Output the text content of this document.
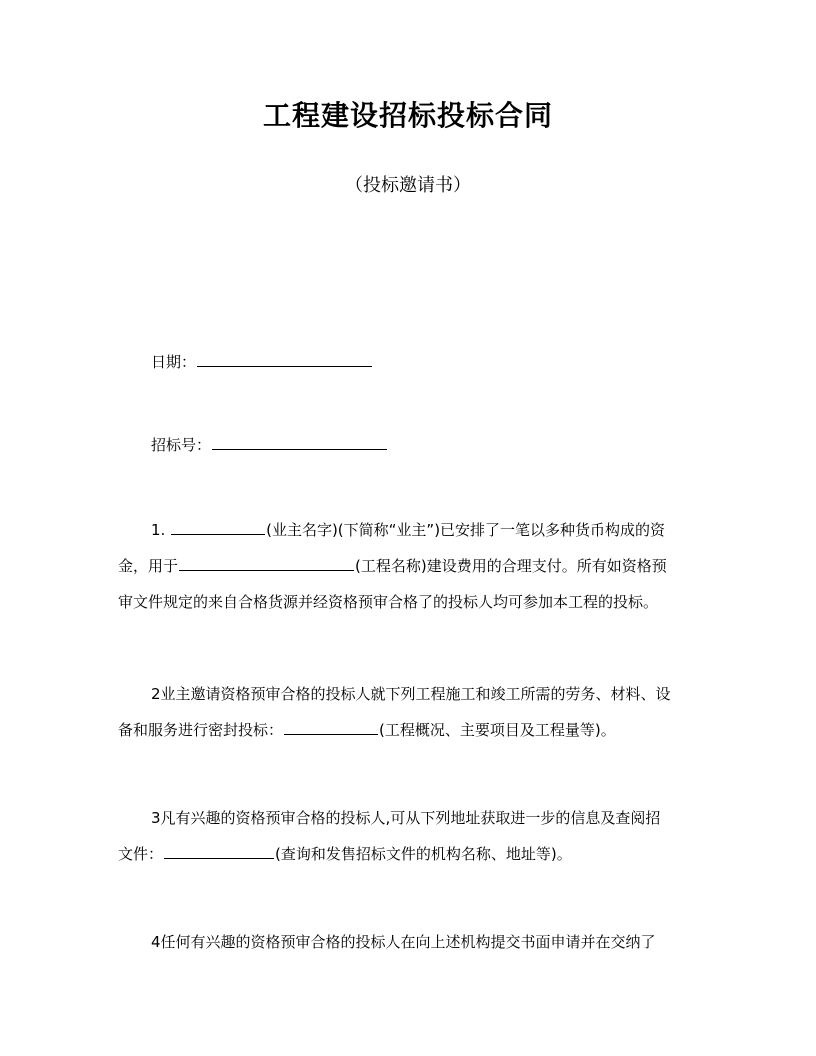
工程建设招标投标合同
（投标邀请书）
日期：
招标号：
1.	(业主名字)(下简称“业主”)已安排了一笔以多种货币构成的资
金，用于	(工程名称)建设费用的合理支付。所有如资格预
审文件规定的来自合格货源并经资格预审合格了的投标人均可参加本工程的投标。
2业主邀请资格预审合格的投标人就下列工程施工和竣工所需的劳务、材料、设
备和服务进行密封投标：	(工程概况、主要项目及工程量等)。
3凡有兴趣的资格预审合格的投标人,可从下列地址获取进一步的信息及查阅招
文件：	(查询和发售招标文件的机构名称、地址等)。
4任何有兴趣的资格预审合格的投标人在向上述机构提交书面申请并在交纳了
